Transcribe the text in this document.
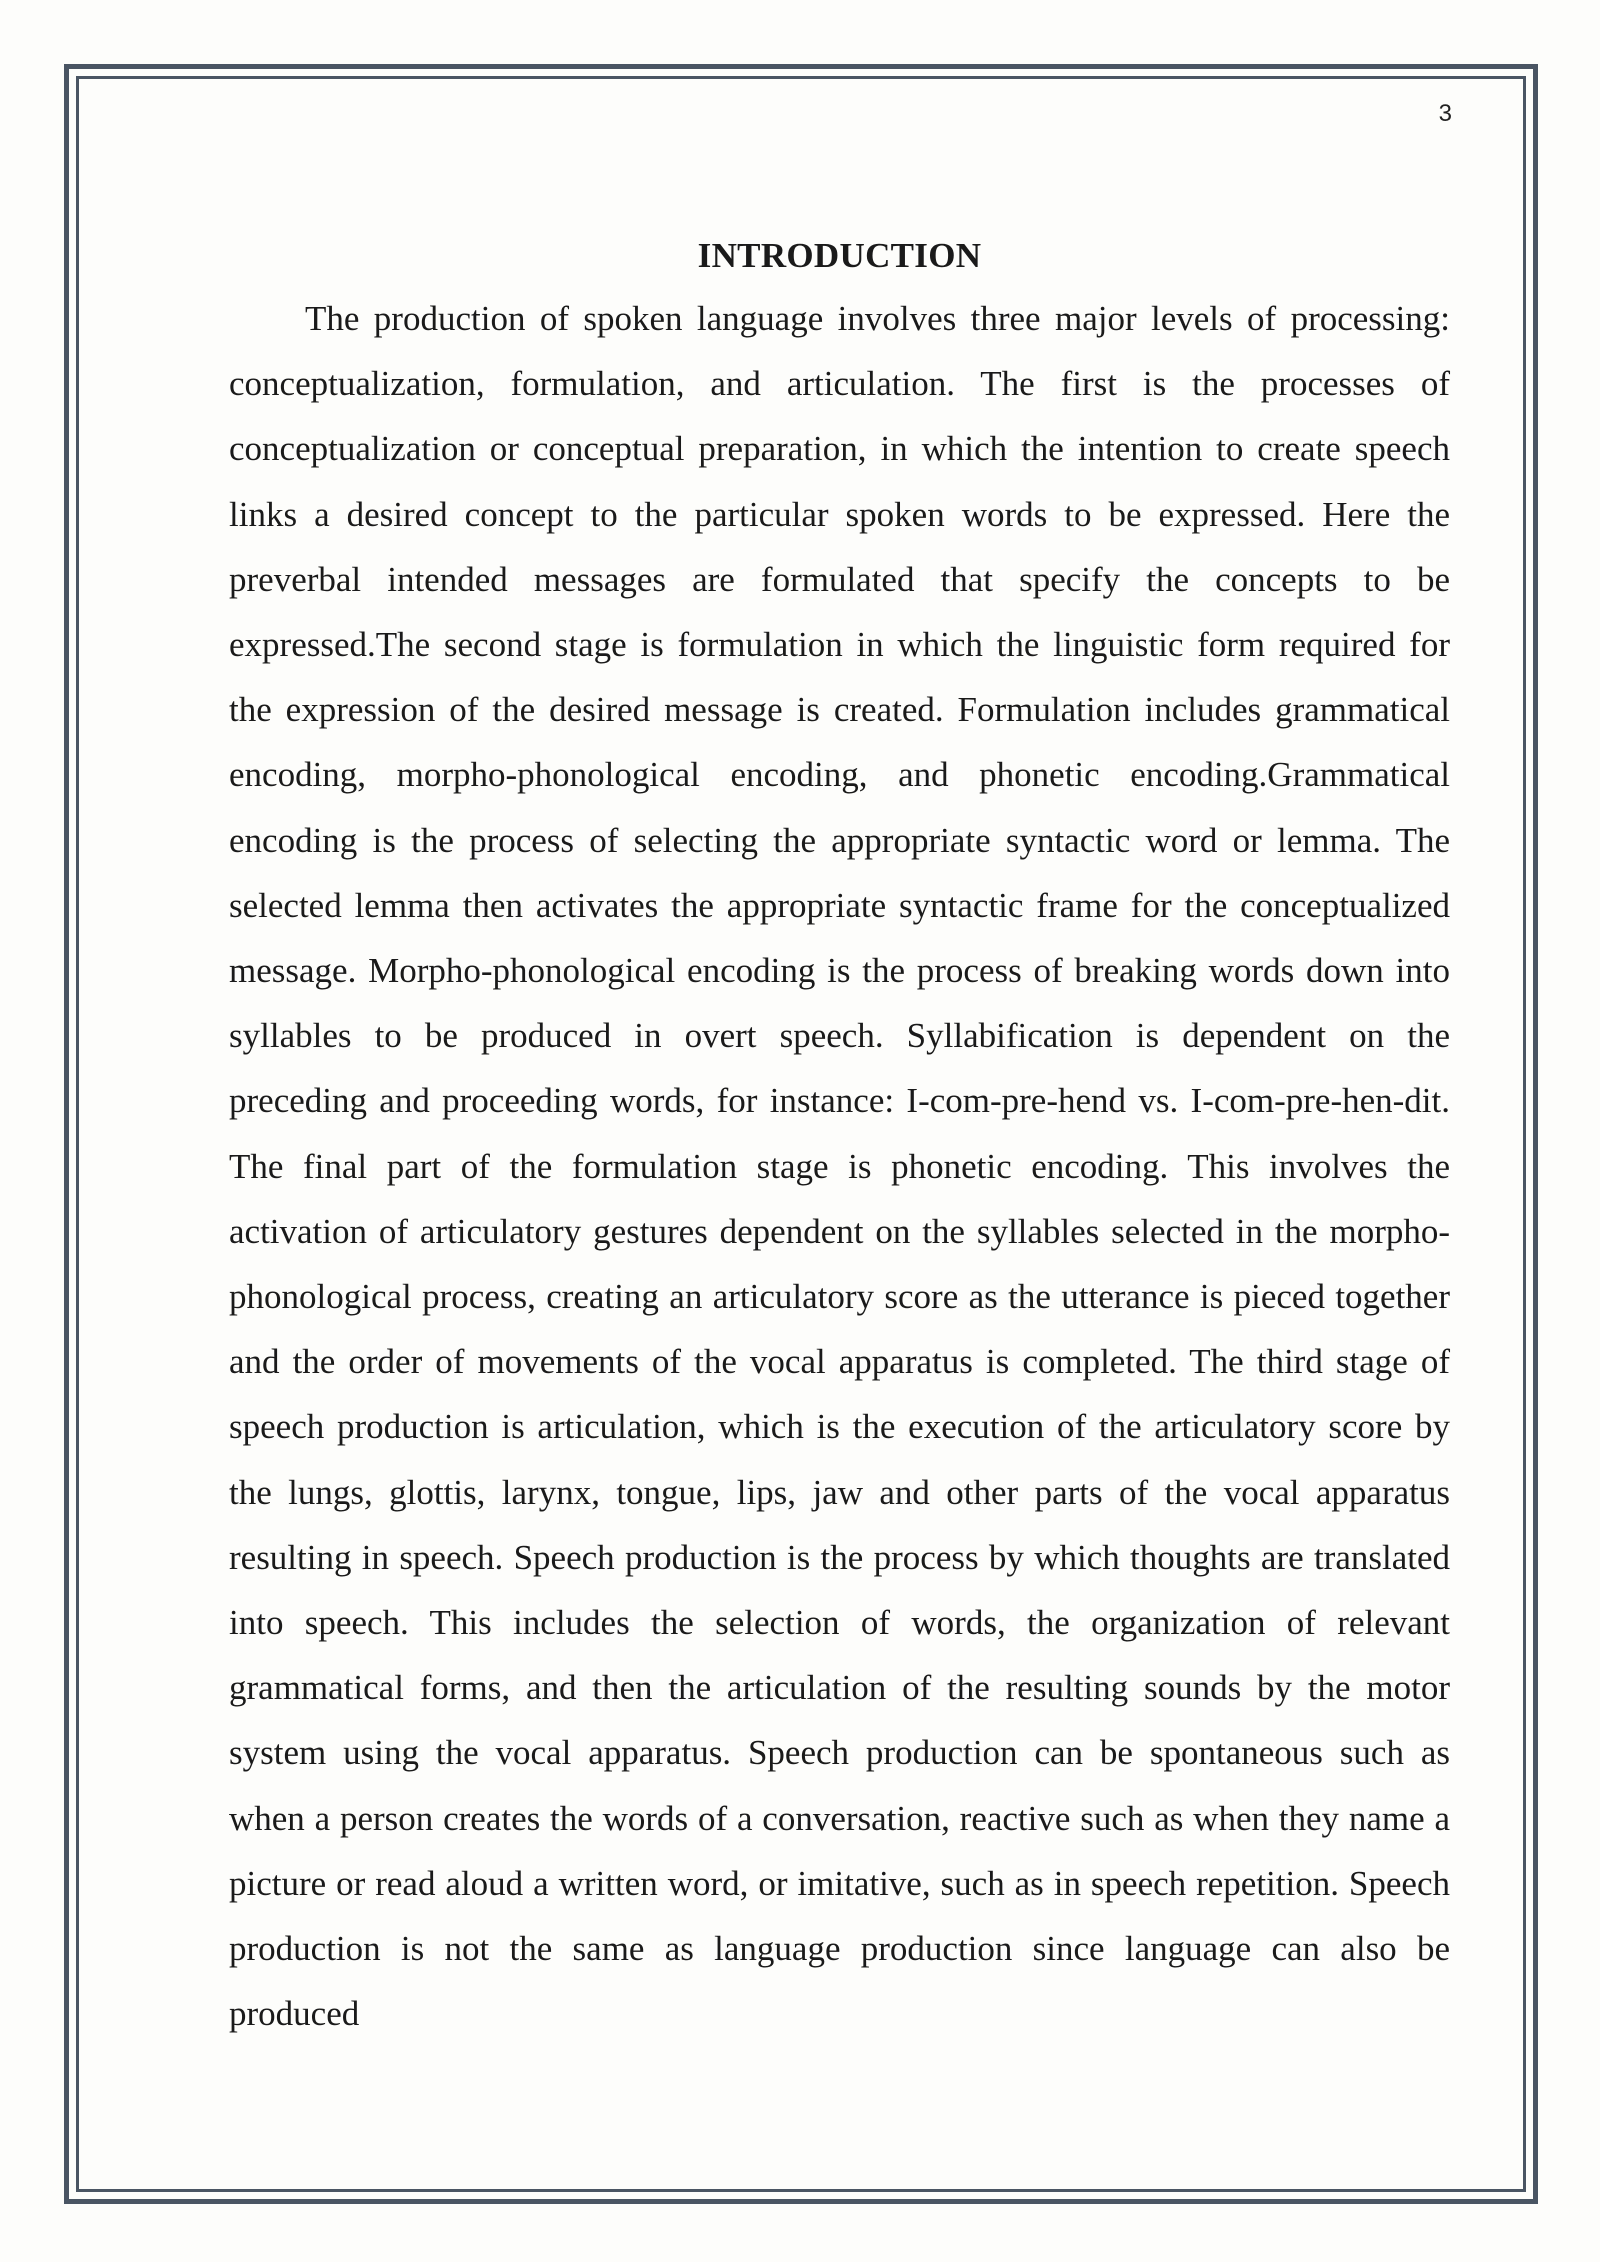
3
INTRODUCTION

The production of spoken language involves three major levels of processing: conceptualization, formulation, and articulation. The first is the processes of conceptualization or conceptual preparation, in which the intention to create speech links a desired concept to the particular spoken words to be expressed. Here the preverbal intended messages are formulated that specify the concepts to be expressed.The second stage is formulation in which the linguistic form required for the expression of the desired message is created. Formulation includes grammatical encoding, morpho-phonological encoding, and phonetic encoding.Grammatical encoding is the process of selecting the appropriate syntactic word or lemma. The selected lemma then activates the appropriate syntactic frame for the conceptualized message. Morpho-phonological encoding is the process of breaking words down into syllables to be produced in overt speech. Syllabification is dependent on the preceding and proceeding words, for instance: I-com-pre-hend vs. I-com-pre-hen-dit. The final part of the formulation stage is phonetic encoding. This involves the activation of articulatory gestures dependent on the syllables selected in the morpho-phonological process, creating an articulatory score as the utterance is pieced together and the order of movements of the vocal apparatus is completed. The third stage of speech production is articulation, which is the execution of the articulatory score by the lungs, glottis, larynx, tongue, lips, jaw and other parts of the vocal apparatus resulting in speech. Speech production is the process by which thoughts are translated into speech. This includes the selection of words, the organization of relevant grammatical forms, and then the articulation of the resulting sounds by the motor system using the vocal apparatus. Speech production can be spontaneous such as when a person creates the words of a conversation, reactive such as when they name a picture or read aloud a written word, or imitative, such as in speech repetition. Speech production is not the same as language production since language can also be produced
